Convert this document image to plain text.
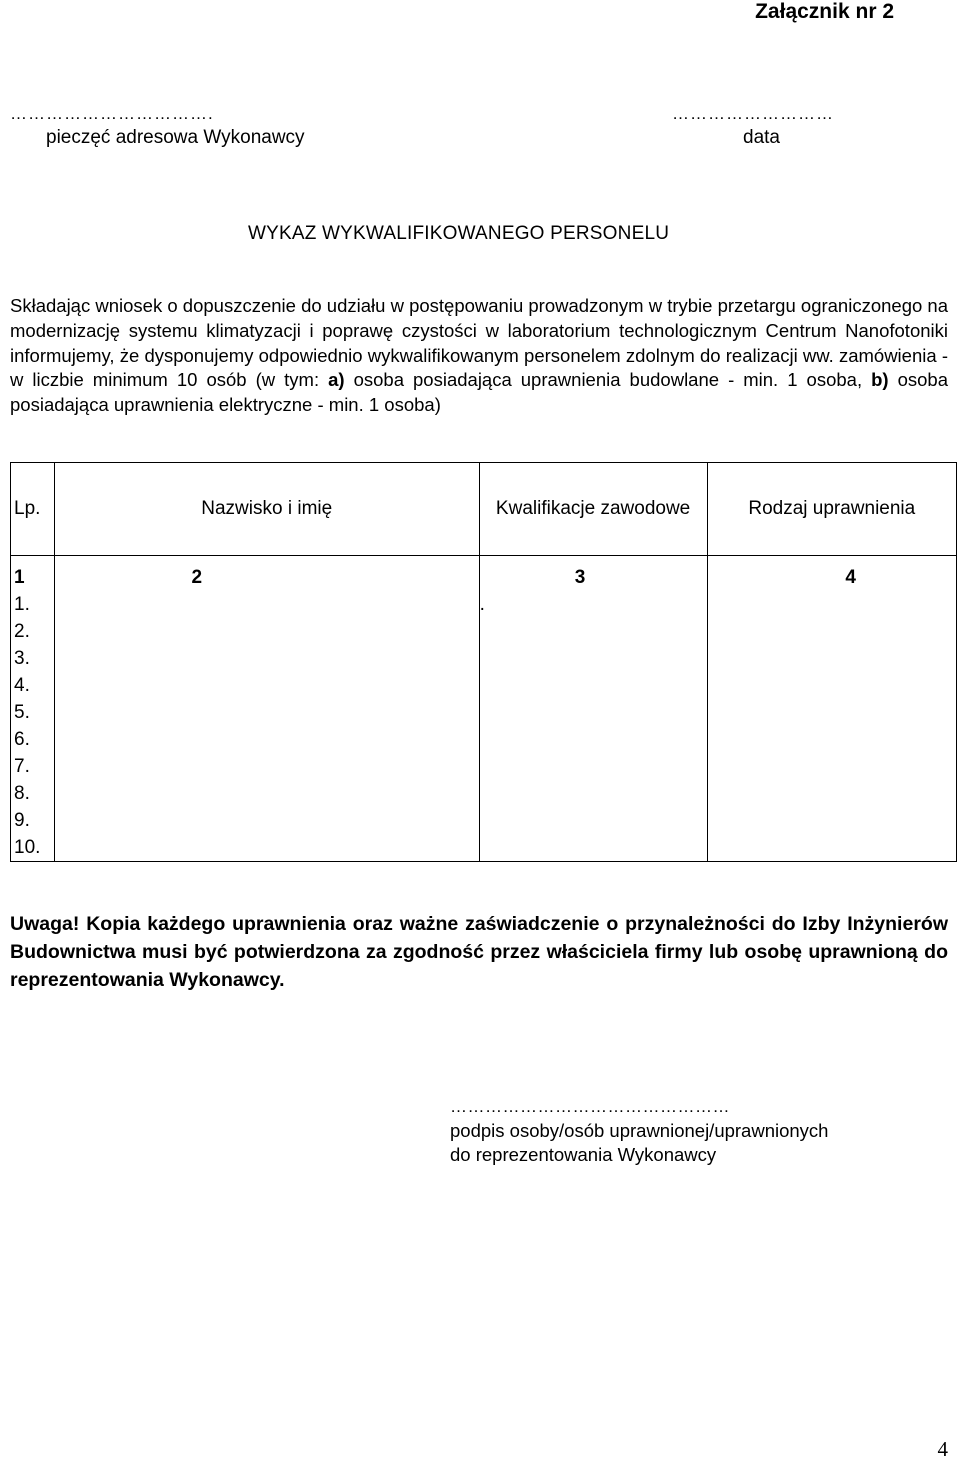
Załącznik nr 2
…………………………….
pieczęć adresowa Wykonawcy
………………………
data
WYKAZ WYKWALIFIKOWANEGO PERSONELU
Składając wniosek o dopuszczenie do udziału w postępowaniu prowadzonym w trybie przetargu ograniczonego na modernizację systemu klimatyzacji i poprawę czystości w laboratorium technologicznym Centrum Nanofotoniki informujemy, że dysponujemy odpowiednio wykwalifikowanym personelem zdolnym do realizacji ww. zamówienia - w liczbie minimum 10 osób (w tym: a) osoba posiadająca uprawnienia budowlane - min. 1 osoba, b) osoba posiadająca uprawnienia elektryczne - min. 1 osoba)
Lp.	Nazwisko i imię	Kwalifikacje zawodowe	Rodzaj uprawnienia

1	2	3	4
1.		.	
2.			
3.			
4.			
5.			
6.			
7.			
8.			
9.			
10.			
Uwaga! Kopia każdego uprawnienia oraz ważne zaświadczenie o przynależności do Izby Inżynierów Budownictwa musi być potwierdzona za zgodność przez właściciela firmy lub osobę uprawnioną do reprezentowania Wykonawcy.
…………………………………………
podpis osoby/osób uprawnionej/uprawnionych
do reprezentowania Wykonawcy
4
